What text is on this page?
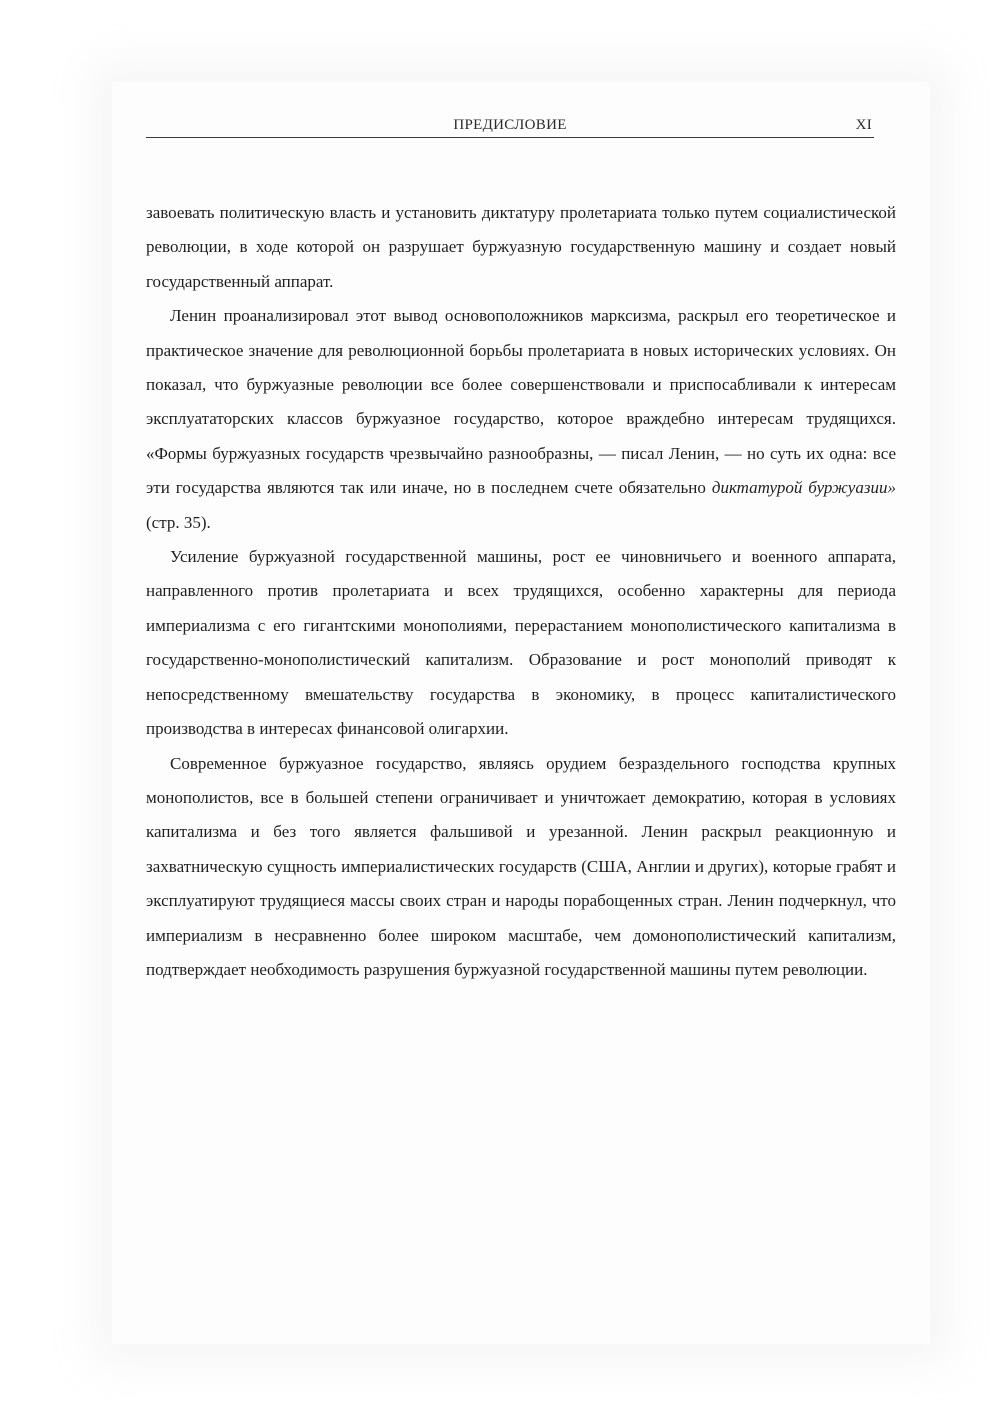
ПРЕДИСЛОВИЕ	XI

завоевать политическую власть и установить диктатуру пролетариата только путем социалистической революции, в ходе которой он разрушает буржуазную государственную машину и создает новый государственный аппарат.

Ленин проанализировал этот вывод основоположников марксизма, раскрыл его теоретическое и практическое значение для революционной борьбы пролетариата в новых исторических условиях. Он показал, что буржуазные революции все более совершенствовали и приспосабливали к интересам эксплуататорских классов буржуазное государство, которое враждебно интересам трудящихся. «Формы буржуазных государств чрезвычайно разнообразны, — писал Ленин, — но суть их одна: все эти государства являются так или иначе, но в последнем счете обязательно диктатурой буржуазии» (стр. 35).

Усиление буржуазной государственной машины, рост ее чиновничьего и военного аппарата, направленного против пролетариата и всех трудящихся, особенно характерны для периода империализма с его гигантскими монополиями, перерастанием монополистического капитализма в государственно-монополистический капитализм. Образование и рост монополий приводят к непосредственному вмешательству государства в экономику, в процесс капиталистического производства в интересах финансовой олигархии.

Современное буржуазное государство, являясь орудием безраздельного господства крупных монополистов, все в большей степени ограничивает и уничтожает демократию, которая в условиях капитализма и без того является фальшивой и урезанной. Ленин раскрыл реакционную и захватническую сущность империалистических государств (США, Англии и других), которые грабят и эксплуатируют трудящиеся массы своих стран и народы порабощенных стран. Ленин подчеркнул, что империализм в несравненно более широком масштабе, чем домонополистический капитализм, подтверждает необходимость разрушения буржуазной государственной машины путем революции.
